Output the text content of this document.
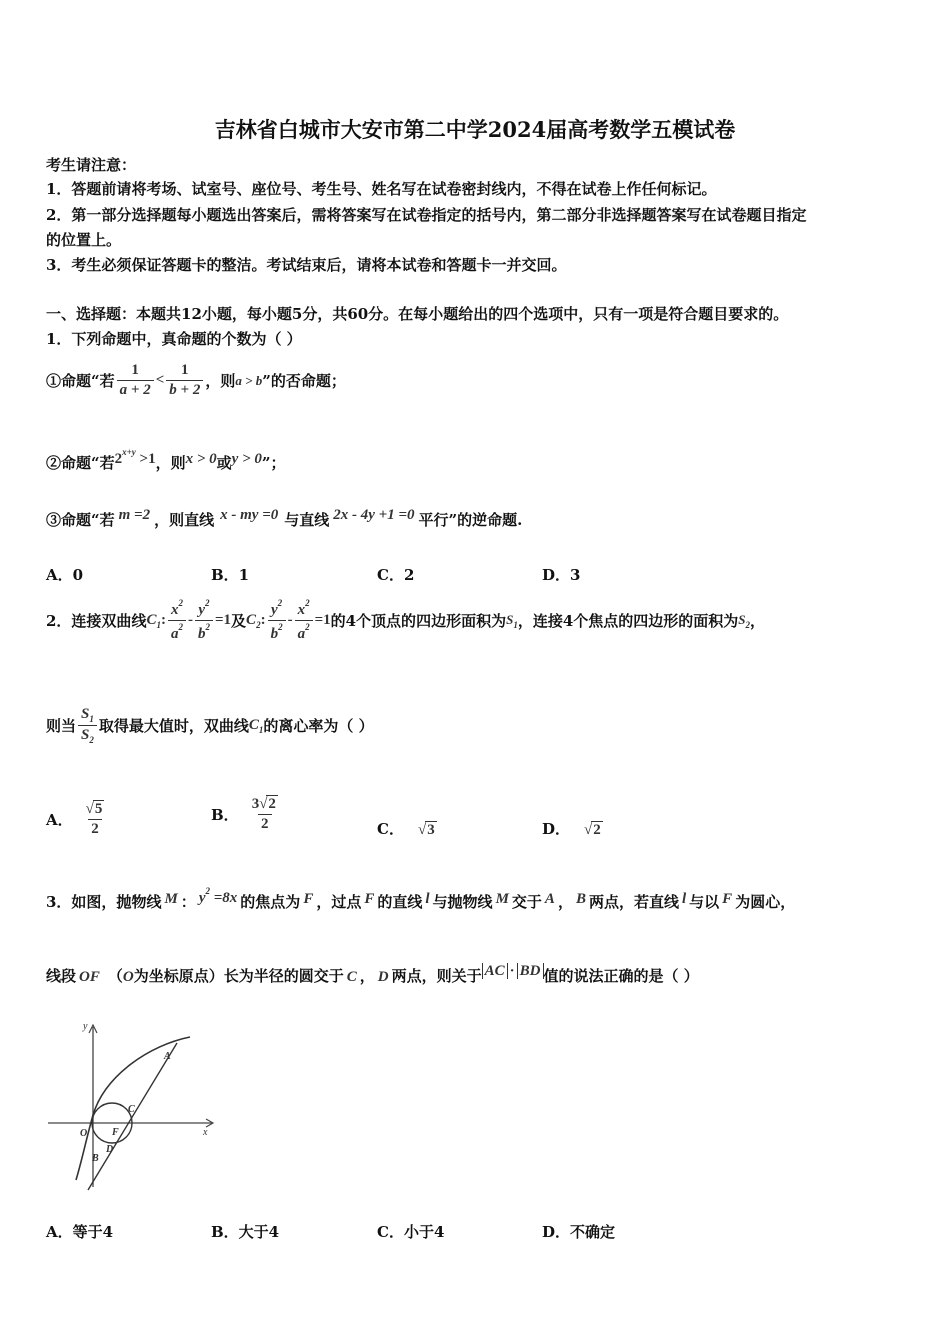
吉林省白城市大安市第二中学2024届高考数学五模试卷
考生请注意：
1．答题前请将考场、试室号、座位号、考生号、姓名写在试卷密封线内，不得在试卷上作任何标记。
2．第一部分选择题每小题选出答案后，需将答案写在试卷指定的括号内，第二部分非选择题答案写在试卷题目指定
的位置上。
3．考生必须保证答题卡的整洁。考试结束后，请将本试卷和答题卡一并交回。
一、选择题：本题共12小题，每小题5分，共60分。在每小题给出的四个选项中，只有一项是符合题目要求的。
1．下列命题中，真命题的个数为（ ）
①命题“若 $\frac{1}{a + 2} < \frac{1}{b + 2}$ ，则 a > b ”的否命题；
②命题“若$2^{x+y} >1$，则x > 0或y > 0”；
③命题“若 m =2 ，则直线 x - my =0 与直线 2x - 4y +1 =0 平行”的逆命题.
A．0	B．1	C．2	D．3
2．连接双曲线 $C_1$ : $\frac{x^2}{a^2} - \frac{y^2}{b^2} =1$ 及 $C_2$ : $\frac{y^2}{b^2} - \frac{x^2}{a^2} =1$ 的4个顶点的四边形面积为 $S_1$ ，连接4个焦点的四边形的面积为 $S_2$ ，
则当 $\frac{S_1}{S_2}$ 取得最大值时，双曲线 $C_1$ 的离心率为（ ）
A． $\frac{√5}{2}$	B． $\frac{3√2}{2}$	C． √3	D． √2
3．如图，抛物线 M ： $y^2 =8x$ 的焦点为 F ，过点 F 的直线 l 与抛物线 M 交于 A ， B 两点，若直线 l 与以 F 为圆心，
线段 OF （O为坐标原点）长为半径的圆交于 C ， D 两点，则关于 AC · BD 值的说法正确的是（ ）
y
x
O F
A
C
D
B
A．等于4	B．大于4	C．小于4	D．不确定
